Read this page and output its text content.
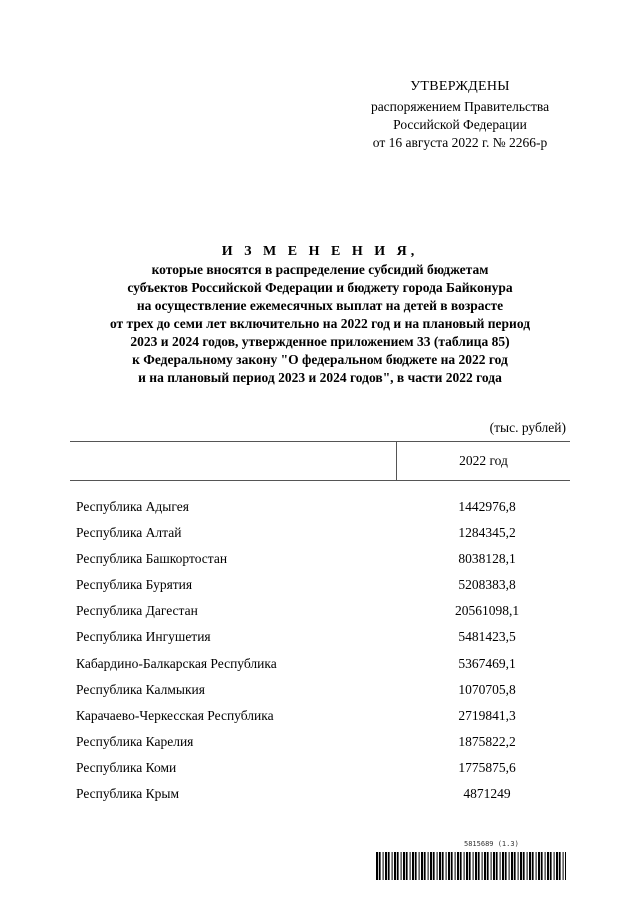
УТВЕРЖДЕНЫ
распоряжением Правительства
Российской Федерации
от 16 августа 2022 г. № 2266-р
И З М Е Н Е Н И Я,
которые вносятся в распределение субсидий бюджетам
субъектов Российской Федерации и бюджету города Байконура
на осуществление ежемесячных выплат на детей в возрасте
от трех до семи лет включительно на 2022 год и на плановый период
2023 и 2024 годов, утвержденное приложением 33 (таблица 85)
к Федеральному закону "О федеральном бюджете на 2022 год
и на плановый период 2023 и 2024 годов", в части 2022 года
(тыс. рублей)
2022 год
Республика Адыгея	1442976,8
Республика Алтай	1284345,2
Республика Башкортостан	8038128,1
Республика Бурятия	5208383,8
Республика Дагестан	20561098,1
Республика Ингушетия	5481423,5
Кабардино-Балкарская Республика	5367469,1
Республика Калмыкия	1070705,8
Карачаево-Черкесская Республика	2719841,3
Республика Карелия	1875822,2
Республика Коми	1775875,6
Республика Крым	4871249
5815689 (1.3)
